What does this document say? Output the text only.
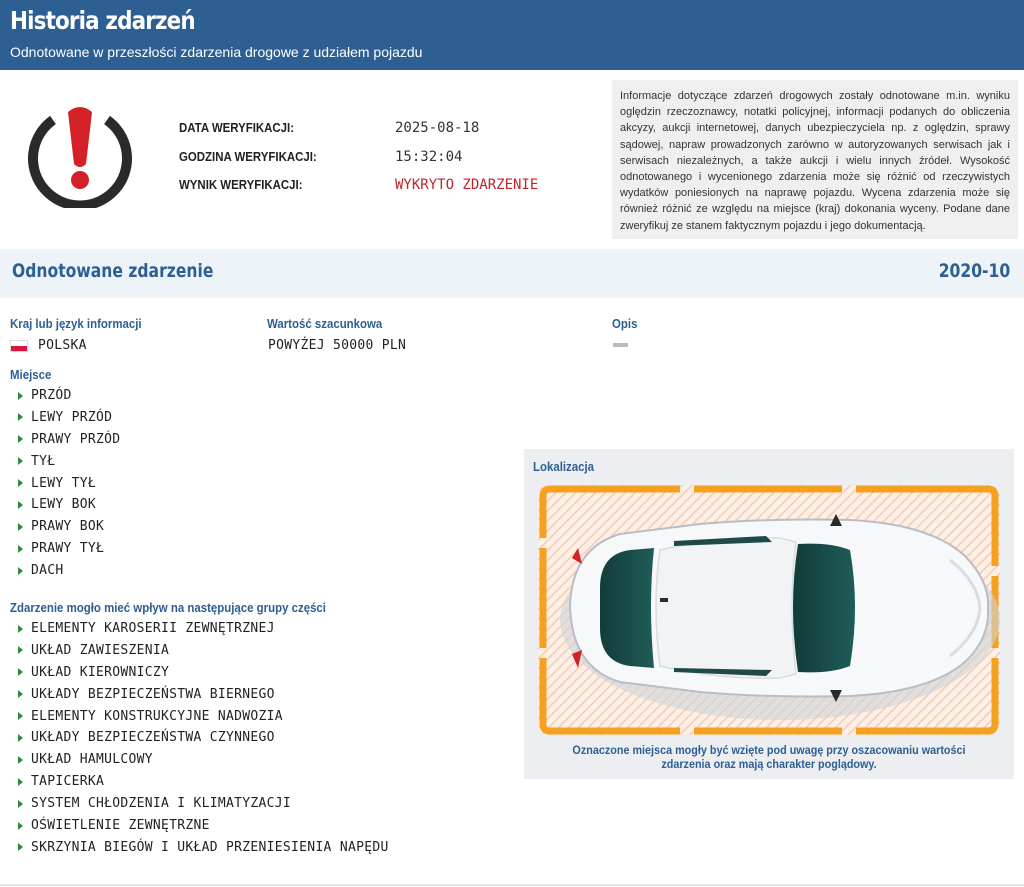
Historia zdarzeń
Odnotowane w przeszłości zdarzenia drogowe z udziałem pojazdu
DATA WERYFIKACJI:	2025-08-18
GODZINA WERYFIKACJI:	15:32:04
WYNIK WERYFIKACJI:	WYKRYTO ZDARZENIE
Informacje dotyczące zdarzeń drogowych zostały odnotowane m.in. wyniku oględzin rzeczoznawcy, notatki policyjnej, informacji podanych do obliczenia akcyzy, aukcji internetowej, danych ubezpieczyciela np. z oględzin, sprawy sądowej, napraw prowadzonych zarówno w autoryzowanych serwisach jak i serwisach niezależnych, a także aukcji i wielu innych źródeł. Wysokość odnotowanego i wycenionego zdarzenia może się różnić od rzeczywistych wydatków poniesionych na naprawę pojazdu. Wycena zdarzenia może się również różnić ze względu na miejsce (kraj) dokonania wyceny. Podane dane zweryfikuj ze stanem faktycznym pojazdu i jego dokumentacją.
Odnotowane zdarzenie	2020-10
Kraj lub język informacji
POLSKA
Wartość szacunkowa
POWYŻEJ 50000 PLN
Opis
Miejsce
PRZÓD
LEWY PRZÓD
PRAWY PRZÓD
TYŁ
LEWY TYŁ
LEWY BOK
PRAWY BOK
PRAWY TYŁ
DACH
Zdarzenie mogło mieć wpływ na następujące grupy części
ELEMENTY KAROSERII ZEWNĘTRZNEJ
UKŁAD ZAWIESZENIA
UKŁAD KIEROWNICZY
UKŁADY BEZPIECZEŃSTWA BIERNEGO
ELEMENTY KONSTRUKCYJNE NADWOZIA
UKŁADY BEZPIECZEŃSTWA CZYNNEGO
UKŁAD HAMULCOWY
TAPICERKA
SYSTEM CHŁODZENIA I KLIMATYZACJI
OŚWIETLENIE ZEWNĘTRZNE
SKRZYNIA BIEGÓW I UKŁAD PRZENIESIENIA NAPĘDU
Lokalizacja
Oznaczone miejsca mogły być wzięte pod uwagę przy oszacowaniu wartości zdarzenia oraz mają charakter poglądowy.
